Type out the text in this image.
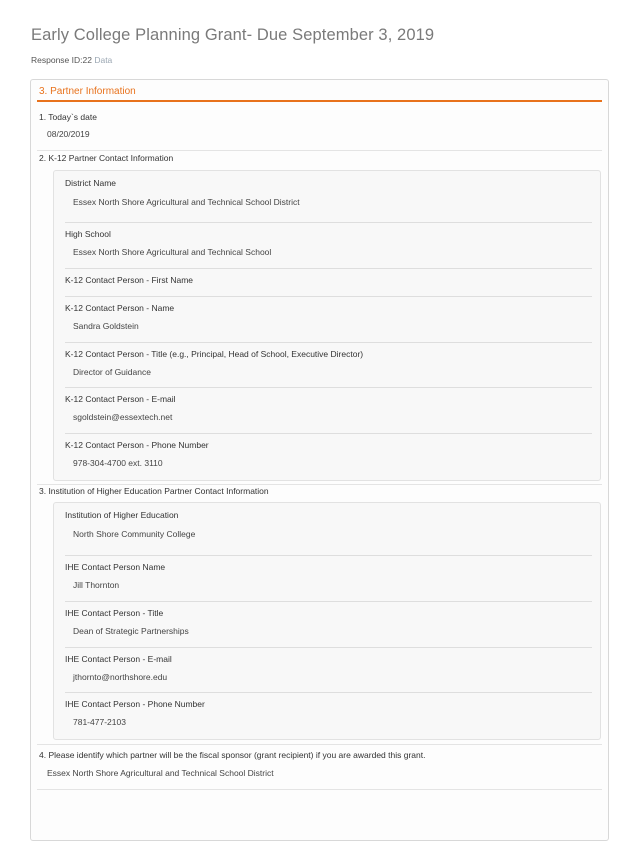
Early College Planning Grant- Due September 3, 2019
Response ID:22 Data
3. Partner Information
1. Today`s date
08/20/2019
2. K-12 Partner Contact Information
District Name
Essex North Shore Agricultural and Technical School District
High School
Essex North Shore Agricultural and Technical School
K-12 Contact Person - First Name
K-12 Contact Person - Name
Sandra Goldstein
K-12 Contact Person - Title (e.g., Principal, Head of School, Executive Director)
Director of Guidance
K-12 Contact Person - E-mail
sgoldstein@essextech.net
K-12 Contact Person - Phone Number
978-304-4700 ext. 3110
3. Institution of Higher Education Partner Contact Information
Institution of Higher Education
North Shore Community College
IHE Contact Person Name
Jill Thornton
IHE Contact Person - Title
Dean of Strategic Partnerships
IHE Contact Person - E-mail
jthornto@northshore.edu
IHE Contact Person - Phone Number
781-477-2103
4. Please identify which partner will be the fiscal sponsor (grant recipient) if you are awarded this grant.
Essex North Shore Agricultural and Technical School District
